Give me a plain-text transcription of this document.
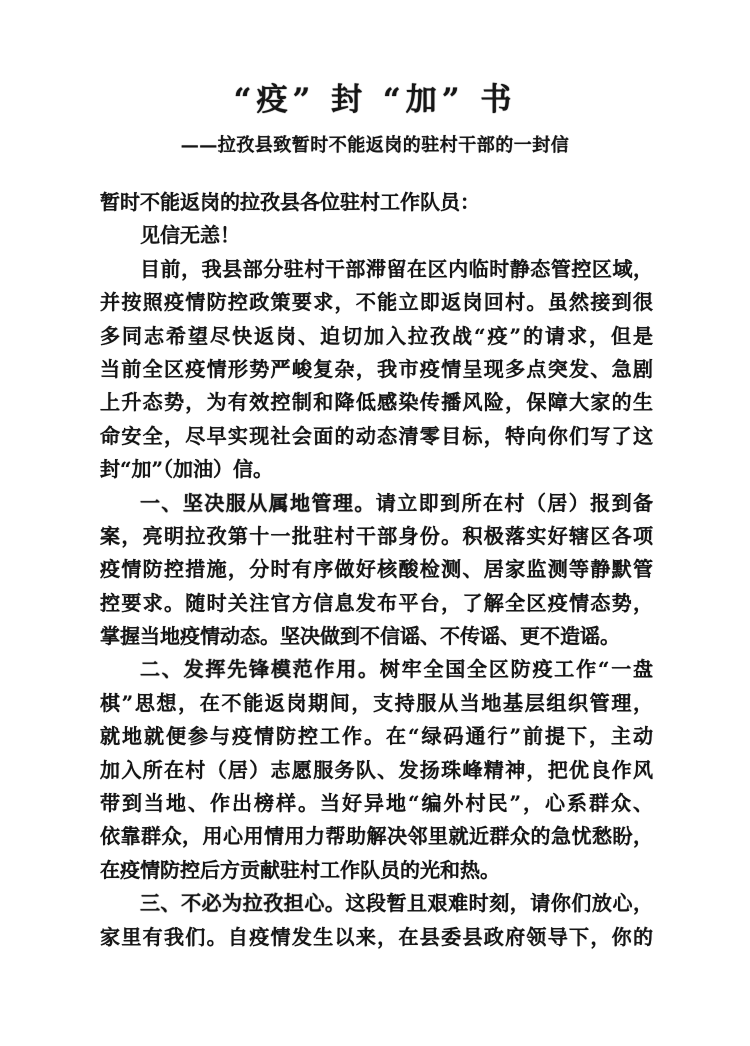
“疫” 封 “加” 书
——拉孜县致暂时不能返岗的驻村干部的一封信
暂时不能返岗的拉孜县各位驻村工作队员：
见信无恙！
目前，我县部分驻村干部滞留在区内临时静态管控区域，
并按照疫情防控政策要求，不能立即返岗回村。虽然接到很
多同志希望尽快返岗、迫切加入拉孜战“疫”的请求，但是
当前全区疫情形势严峻复杂，我市疫情呈现多点突发、急剧
上升态势，为有效控制和降低感染传播风险，保障大家的生
命安全，尽早实现社会面的动态清零目标，特向你们写了这
封“加”（加油）信。
一、坚决服从属地管理。请立即到所在村（居）报到备
案，亮明拉孜第十一批驻村干部身份。积极落实好辖区各项
疫情防控措施，分时有序做好核酸检测、居家监测等静默管
控要求。随时关注官方信息发布平台，了解全区疫情态势，
掌握当地疫情动态。坚决做到不信谣、不传谣、更不造谣。
二、发挥先锋模范作用。树牢全国全区防疫工作“一盘
棋”思想，在不能返岗期间，支持服从当地基层组织管理，
就地就便参与疫情防控工作。在“绿码通行”前提下，主动
加入所在村（居）志愿服务队、发扬珠峰精神，把优良作风
带到当地、作出榜样。当好异地“编外村民”，心系群众、
依靠群众，用心用情用力帮助解决邻里就近群众的急忧愁盼，
在疫情防控后方贡献驻村工作队员的光和热。
三、不必为拉孜担心。这段暂且艰难时刻，请你们放心，
家里有我们。自疫情发生以来，在县委县政府领导下，你的
